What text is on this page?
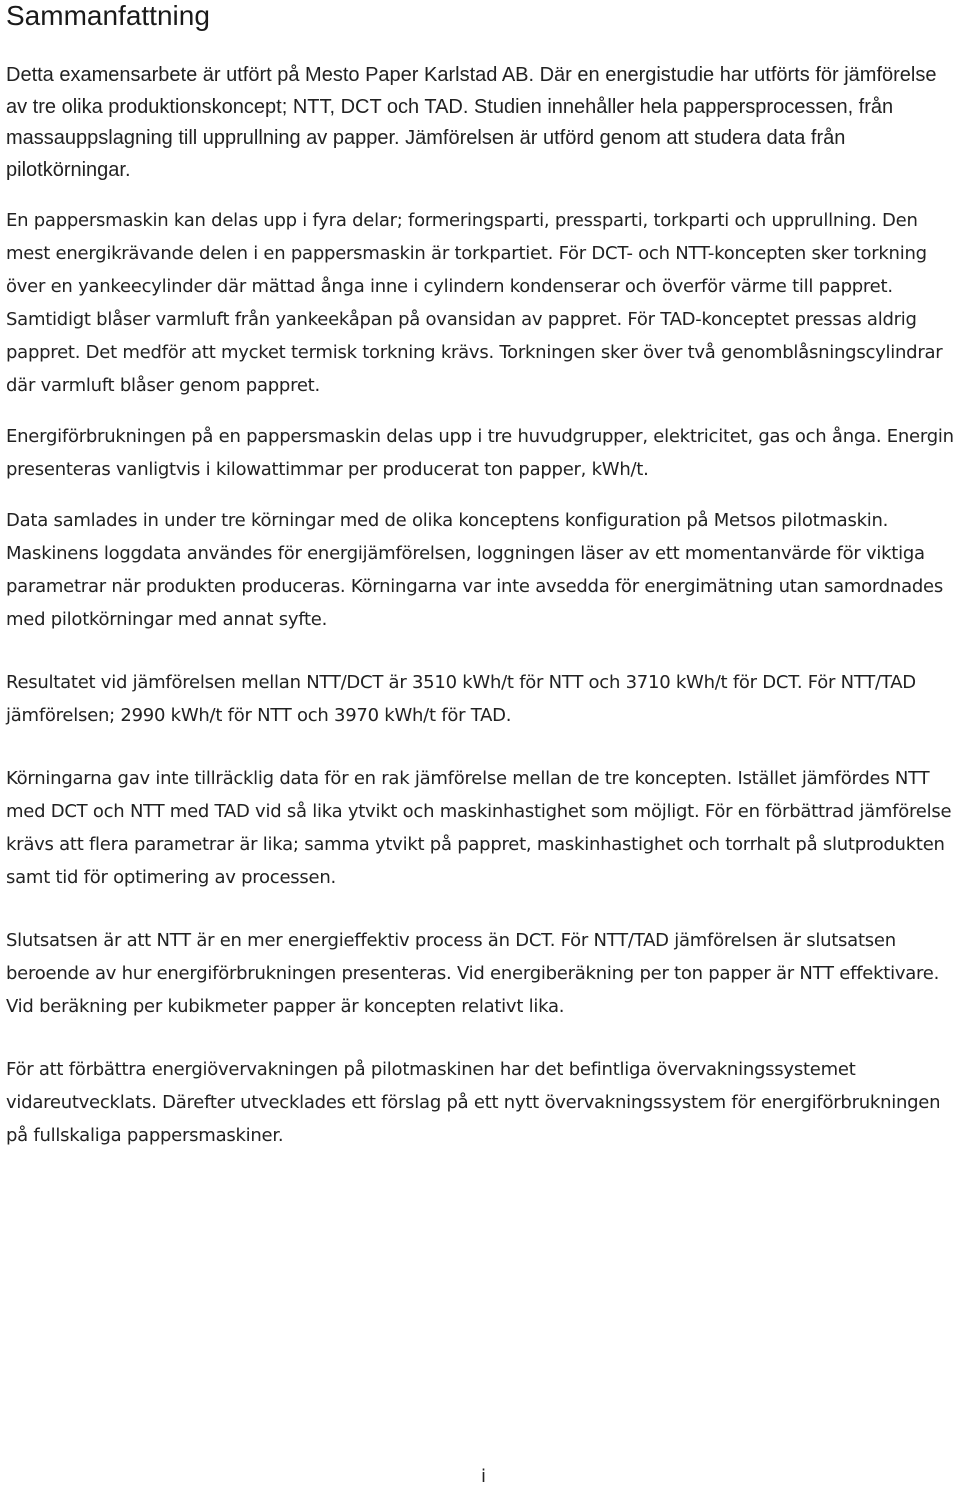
Sammanfattning

Detta examensarbete är utfört på Mesto Paper Karlstad AB. Där en energistudie har utförts för jämförelse av tre olika produktionskoncept; NTT, DCT och TAD. Studien innehåller hela pappersprocessen, från massauppslagning till upprullning av papper. Jämförelsen är utförd genom att studera data från pilotkörningar.

En pappersmaskin kan delas upp i fyra delar; formeringsparti, pressparti, torkparti och upprullning. Den mest energikrävande delen i en pappersmaskin är torkpartiet. För DCT- och NTT-koncepten sker torkning över en yankeecylinder där mättad ånga inne i cylindern kondenserar och överför värme till pappret. Samtidigt blåser varmluft från yankeekåpan på ovansidan av pappret. För TAD-konceptet pressas aldrig pappret. Det medför att mycket termisk torkning krävs. Torkningen sker över två genomblåsningscylindrar där varmluft blåser genom pappret.

Energiförbrukningen på en pappersmaskin delas upp i tre huvudgrupper, elektricitet, gas och ånga. Energin presenteras vanligtvis i kilowattimmar per producerat ton papper, kWh/t.

Data samlades in under tre körningar med de olika konceptens konfiguration på Metsos pilotmaskin. Maskinens loggdata användes för energijämförelsen, loggningen läser av ett momentanvärde för viktiga parametrar när produkten produceras. Körningarna var inte avsedda för energimätning utan samordnades med pilotkörningar med annat syfte.

Resultatet vid jämförelsen mellan NTT/DCT är 3510 kWh/t för NTT och 3710 kWh/t för DCT. För NTT/TAD jämförelsen; 2990 kWh/t för NTT och 3970 kWh/t för TAD.

Körningarna gav inte tillräcklig data för en rak jämförelse mellan de tre koncepten. Istället jämfördes NTT med DCT och NTT med TAD vid så lika ytvikt och maskinhastighet som möjligt. För en förbättrad jämförelse krävs att flera parametrar är lika; samma ytvikt på pappret, maskinhastighet och torrhalt på slutprodukten samt tid för optimering av processen.

Slutsatsen är att NTT är en mer energieffektiv process än DCT. För NTT/TAD jämförelsen är slutsatsen beroende av hur energiförbrukningen presenteras. Vid energiberäkning per ton papper är NTT effektivare. Vid beräkning per kubikmeter papper är koncepten relativt lika.

För att förbättra energiövervakningen på pilotmaskinen har det befintliga övervakningssystemet vidareutvecklats. Därefter utvecklades ett förslag på ett nytt övervakningssystem för energiförbrukningen på fullskaliga pappersmaskiner.

i
